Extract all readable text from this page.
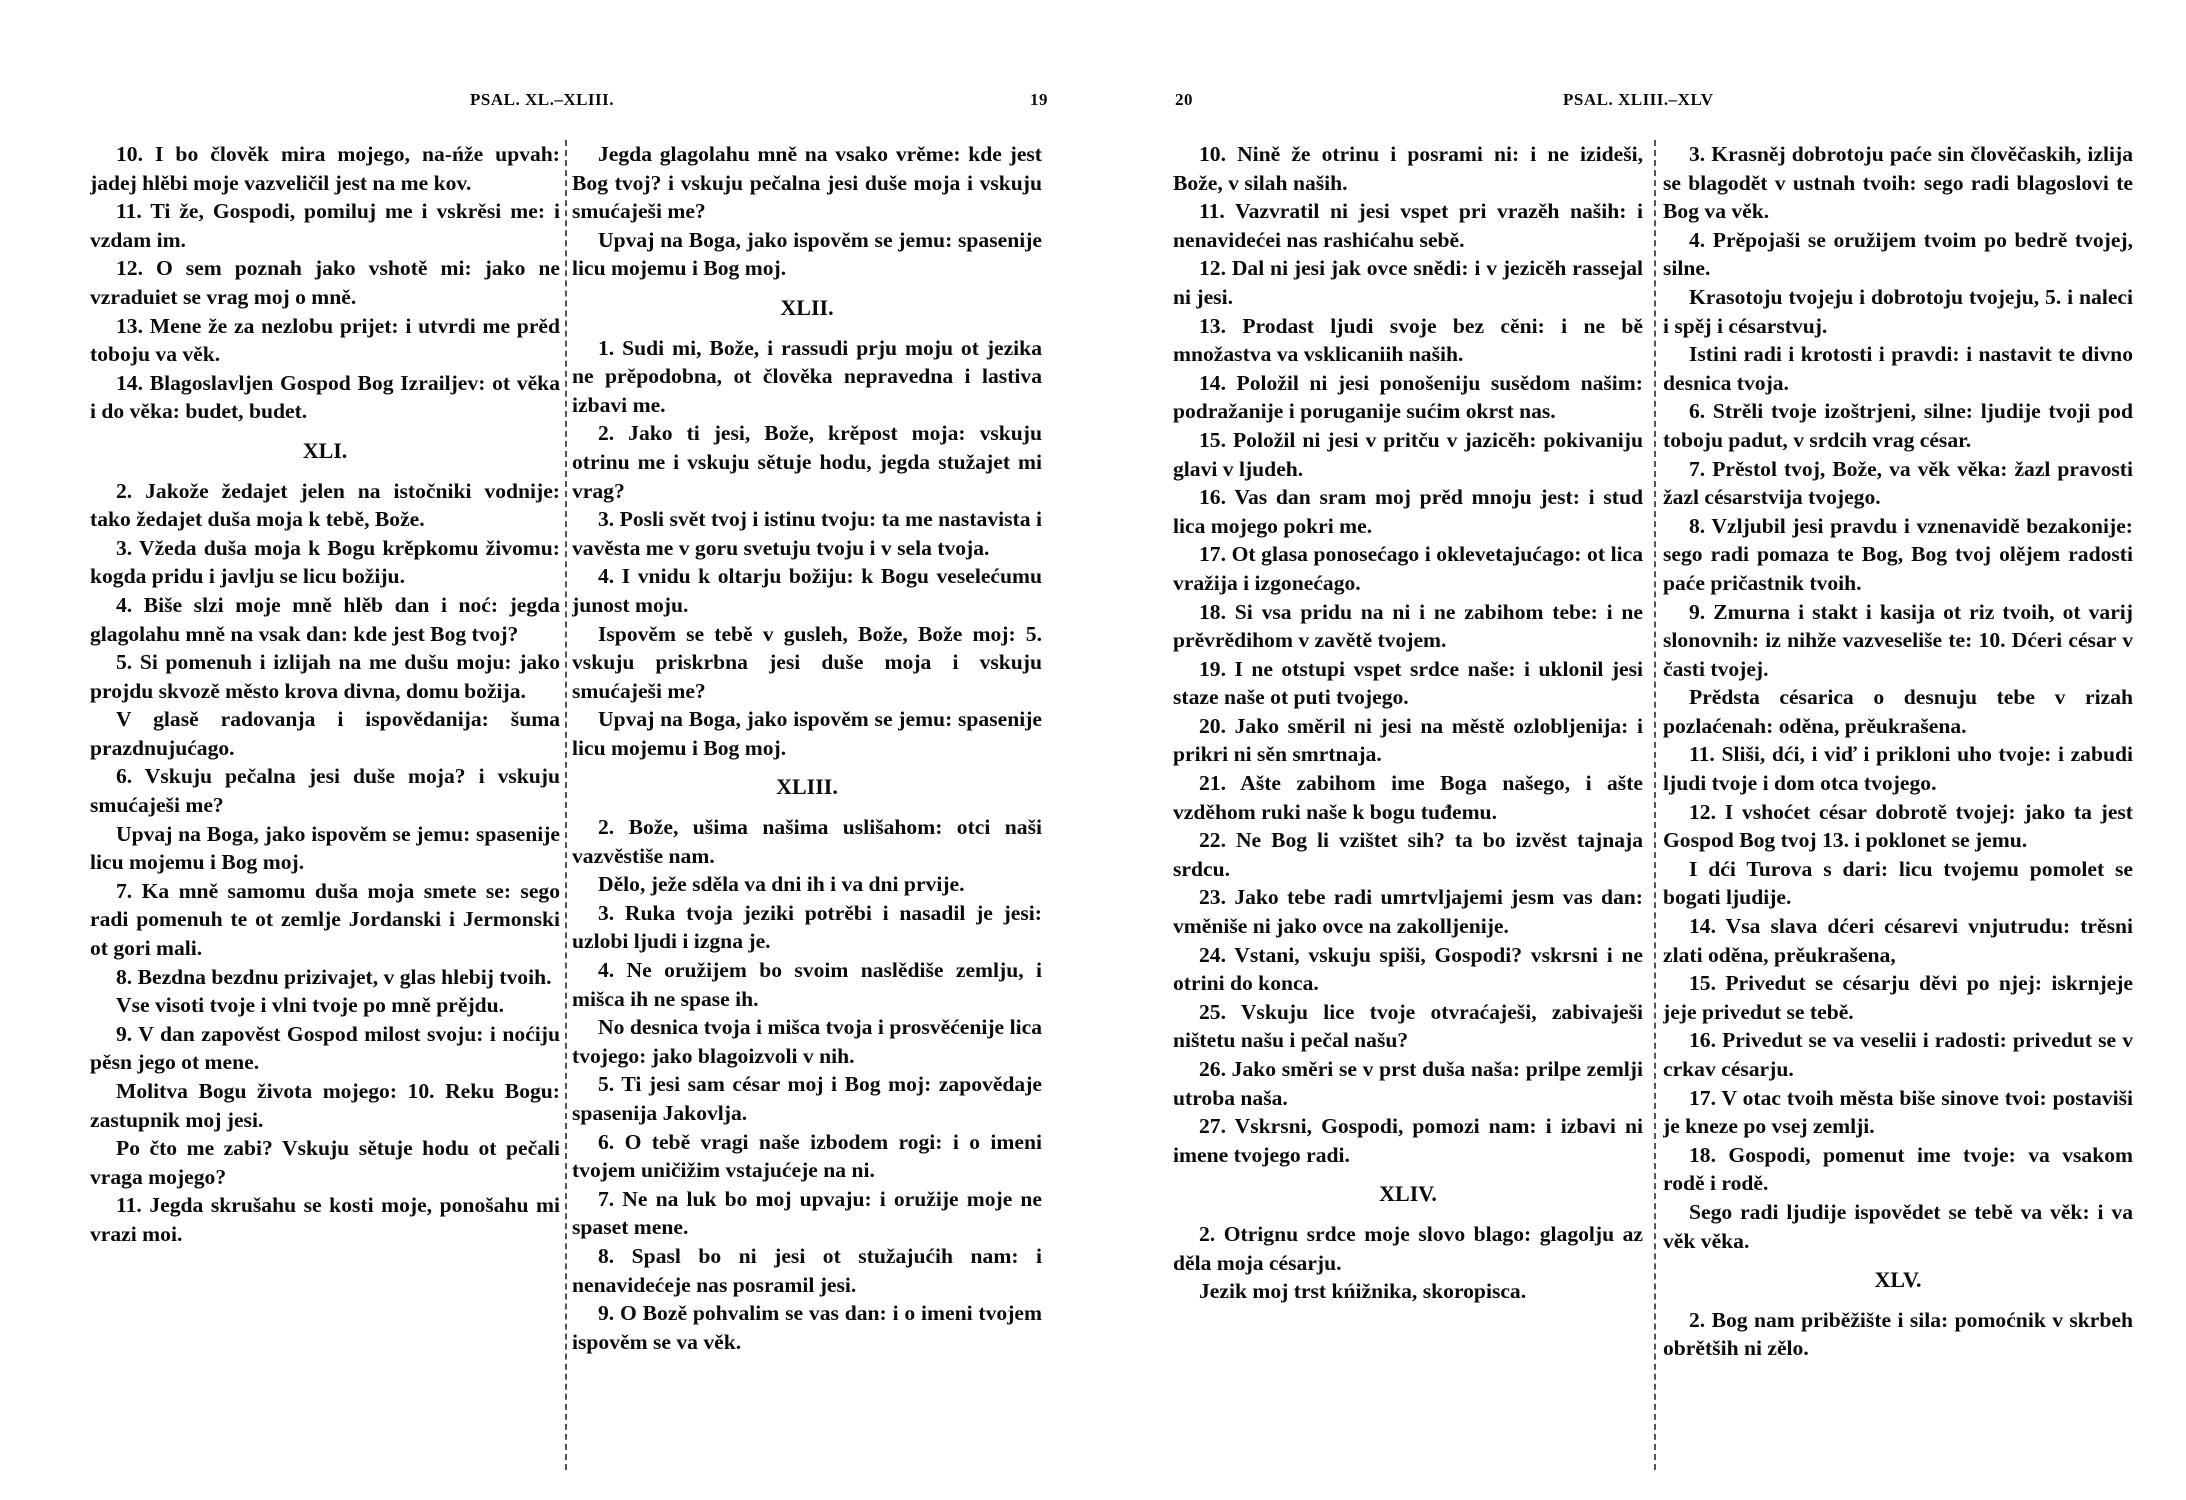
PSAL. XL.–XLIII.	19

10. I bo člověk mira mojego, na-ńže upvah: jadej hlěbi moje vazveličil jest na me kov.

11. Ti že, Gospodi, pomiluj me i vskrěsi me: i vzdam im.

12. O sem poznah jako vshotě mi: jako ne vzraduiet se vrag moj o mně.

13. Mene že za nezlobu prijet: i utvrdi me prěd toboju va věk.

14. Blagoslavljen Gospod Bog Izrailjev: ot věka i do věka: budet, budet.

XLI.

2. Jakože žedajet jelen na istočniki vodnije: tako žedajet duša moja k tebě, Bože.

3. Vžeda duša moja k Bogu krěpkomu živomu: kogda pridu i javlju se licu božiju.

4. Biše slzi moje mně hlěb dan i noć: jegda glagolahu mně na vsak dan: kde jest Bog tvoj?

5. Si pomenuh i izlijah na me dušu moju: jako projdu skvozě město krova divna, domu božija.

V glasě radovanja i ispovědanija: šuma prazdnujućago.

6. Vskuju pečalna jesi duše moja? i vskuju smućaješi me?

Upvaj na Boga, jako ispověm se jemu: spasenije licu mojemu i Bog moj.

7. Ka mně samomu duša moja smete se: sego radi pomenuh te ot zemlje Jordanski i Jermonski ot gori mali.

8. Bezdna bezdnu prizivajet, v glas hlebij tvoih.

Vse visoti tvoje i vlni tvoje po mně prějdu.

9. V dan zapověst Gospod milost svoju: i noćiju pěsn jego ot mene.

Molitva Bogu života mojego: 10. Reku Bogu: zastupnik moj jesi.

Po čto me zabi? Vskuju sětuje hodu ot pečali vraga mojego?

11. Jegda skrušahu se kosti moje, ponošahu mi vrazi moi.

Jegda glagolahu mně na vsako vrěme: kde jest Bog tvoj? i vskuju pečalna jesi duše moja i vskuju smućaješi me?

Upvaj na Boga, jako ispověm se jemu: spasenije licu mojemu i Bog moj.

XLII.

1. Sudi mi, Bože, i rassudi prju moju ot jezika ne prěpodobna, ot člověka nepravedna i lastiva izbavi me.

2. Jako ti jesi, Bože, krěpost moja: vskuju otrinu me i vskuju sětuje hodu, jegda stužajet mi vrag?

3. Posli svět tvoj i istinu tvoju: ta me nastavista i vavěsta me v goru svetuju tvoju i v sela tvoja.

4. I vnidu k oltarju božiju: k Bogu veselećumu junost moju.

Ispověm se tebě v gusleh, Bože, Bože moj: 5. vskuju priskrbna jesi duše moja i vskuju smućaješi me?

Upvaj na Boga, jako ispověm se jemu: spasenije licu mojemu i Bog moj.

XLIII.

2. Bože, ušima našima uslišahom: otci naši vazvěstiše nam.

Dělo, ježe sděla va dni ih i va dni prvije.

3. Ruka tvoja jeziki potrěbi i nasadil je jesi: uzlobi ljudi i izgna je.

4. Ne oružijem bo svoim naslědiše zemlju, i mišca ih ne spase ih.

No desnica tvoja i mišca tvoja i prosvěćenije lica tvojego: jako blagoizvoli v nih.

5. Ti jesi sam césar moj i Bog moj: zapovědaje spasenija Jakovlja.

6. O tebě vragi naše izbodem rogi: i o imeni tvojem uničižim vstajućeje na ni.

7. Ne na luk bo moj upvaju: i oružije moje ne spaset mene.

8. Spasl bo ni jesi ot stužajućih nam: i nenavidećeje nas posramil jesi.

9. O Bozě pohvalim se vas dan: i o imeni tvojem ispověm se va věk.

20	PSAL. XLIII.–XLV

10. Nině že otrinu i posrami ni: i ne izideši, Bože, v silah naših.

11. Vazvratil ni jesi vspet pri vrazěh naših: i nenavidećei nas rashićahu sebě.

12. Dal ni jesi jak ovce snědi: i v jezicěh rassejal ni jesi.

13. Prodast ljudi svoje bez cěni: i ne bě množastva va vsklicaniih naših.

14. Položil ni jesi ponošeniju susědom našim: podražanije i poruganije sućim okrst nas.

15. Položil ni jesi v pritču v jazicěh: pokivaniju glavi v ljudeh.

16. Vas dan sram moj prěd mnoju jest: i stud lica mojego pokri me.

17. Ot glasa ponosećago i oklevetajućago: ot lica vražija i izgonećago.

18. Si vsa pridu na ni i ne zabihom tebe: i ne prěvrědihom v zavětě tvojem.

19. I ne otstupi vspet srdce naše: i uklonil jesi staze naše ot puti tvojego.

20. Jako směril ni jesi na městě ozlobljenija: i prikri ni sěn smrtnaja.

21. Ašte zabihom ime Boga našego, i ašte vzděhom ruki naše k bogu tuđemu.

22. Ne Bog li vzištet sih? ta bo izvěst tajnaja srdcu.

23. Jako tebe radi umrtvljajemi jesm vas dan: vměniše ni jako ovce na zakolljenije.

24. Vstani, vskuju spiši, Gospodi? vskrsni i ne otrini do konca.

25. Vskuju lice tvoje otvraćaješi, zabivaješi ništetu našu i pečal našu?

26. Jako směri se v prst duša naša: prilpe zemlji utroba naša.

27. Vskrsni, Gospodi, pomozi nam: i izbavi ni imene tvojego radi.

XLIV.

2. Otrignu srdce moje slovo blago: glagolju az děla moja césarju.

Jezik moj trst kńižnika, skoropisca.

3. Krasněj dobrotoju paće sin člověčaskih, izlija se blagodět v ustnah tvoih: sego radi blagoslovi te Bog va věk.

4. Prěpojaši se oružijem tvoim po bedrě tvojej, silne.

Krasotoju tvojeju i dobrotoju tvojeju, 5. i naleci i spěj i césarstvuj.

Istini radi i krotosti i pravdi: i nastavit te divno desnica tvoja.

6. Strěli tvoje izoštrjeni, silne: ljudije tvoji pod toboju padut, v srdcih vrag césar.

7. Prěstol tvoj, Bože, va věk věka: žazl pravosti žazl césarstvija tvojego.

8. Vzljubil jesi pravdu i vznenavidě bezakonije: sego radi pomaza te Bog, Bog tvoj olějem radosti paće pričastnik tvoih.

9. Zmurna i stakt i kasija ot riz tvoih, ot varij slonovnih: iz nihže vazveseliše te: 10. Dćeri césar v časti tvojej.

Prědsta césarica o desnuju tebe v rizah pozlaćenah: oděna, prěukrašena.

11. Sliši, dći, i viď i prikloni uho tvoje: i zabudi ljudi tvoje i dom otca tvojego.

12. I vshoćet césar dobrotě tvojej: jako ta jest Gospod Bog tvoj 13. i poklonet se jemu.

I dći Turova s dari: licu tvojemu pomolet se bogati ljudije.

14. Vsa slava dćeri césarevi vnjutrudu: trěsni zlati oděna, prěukrašena,

15. Privedut se césarju děvi po njej: iskrnjeje jeje privedut se tebě.

16. Privedut se va veselii i radosti: privedut se v crkav césarju.

17. V otac tvoih města biše sinove tvoi: postaviši je kneze po vsej zemlji.

18. Gospodi, pomenut ime tvoje: va vsakom rodě i rodě.

Sego radi ljudije ispovědet se tebě va věk: i va věk věka.

XLV.

2. Bog nam priběžište i sila: pomoćnik v skrbeh obrětših ni zělo.
